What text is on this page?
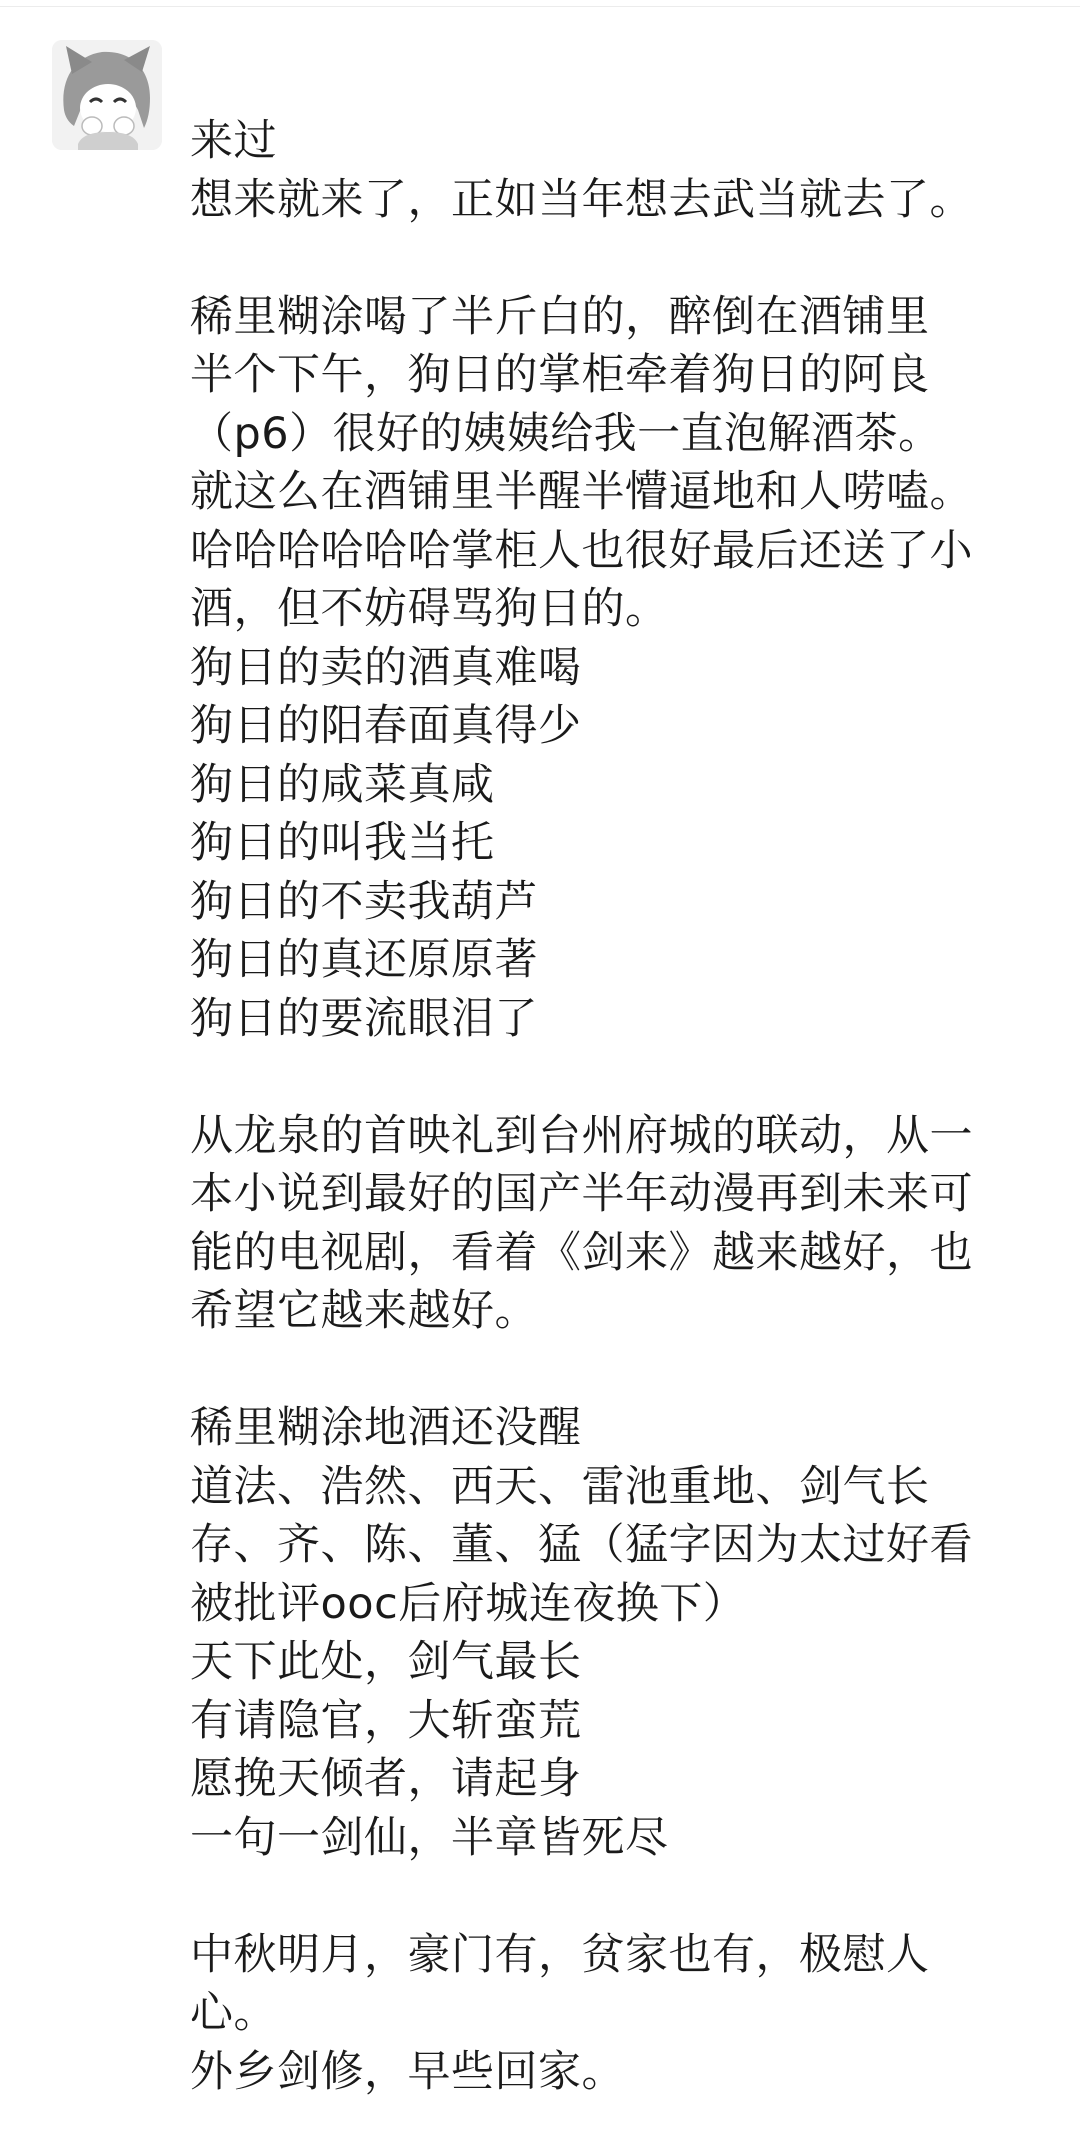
来过
想来就来了，正如当年想去武当就去了。
稀里糊涂喝了半斤白的，醉倒在酒铺里
半个下午，狗日的掌柜牵着狗日的阿良
（p6）很好的姨姨给我一直泡解酒茶。
就这么在酒铺里半醒半懵逼地和人唠嗑。
哈哈哈哈哈哈掌柜人也很好最后还送了小
酒，但不妨碍骂狗日的。
狗日的卖的酒真难喝
狗日的阳春面真得少
狗日的咸菜真咸
狗日的叫我当托
狗日的不卖我葫芦
狗日的真还原原著
狗日的要流眼泪了
从龙泉的首映礼到台州府城的联动，从一
本小说到最好的国产半年动漫再到未来可
能的电视剧，看着《剑来》越来越好，也
希望它越来越好。
稀里糊涂地酒还没醒
道法、浩然、西天、雷池重地、剑气长
存、齐、陈、董、猛（猛字因为太过好看
被批评ooc后府城连夜换下）
天下此处，剑气最长
有请隐官，大斩蛮荒
愿挽天倾者，请起身
一句一剑仙，半章皆死尽
中秋明月，豪门有，贫家也有，极慰人
心。
外乡剑修，早些回家。
